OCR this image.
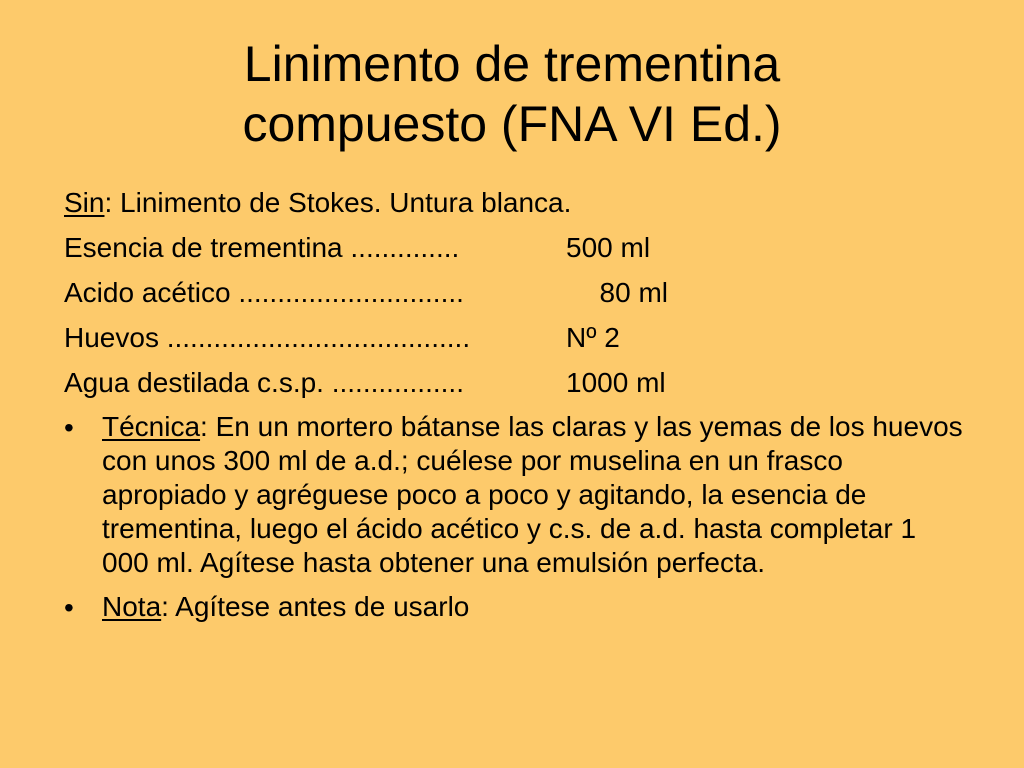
Linimento de trementina
compuesto (FNA VI Ed.)
Sin: Linimento de Stokes. Untura blanca.
Esencia de trementina ..............	500 ml
Acido acético .............................	80 ml
Huevos .......................................	Nº 2
Agua destilada c.s.p. .................	1000 ml
• Técnica: En un mortero bátanse las claras y las yemas de los huevos con unos 300 ml de a.d.; cuélese por muselina en un frasco apropiado y agréguese poco a poco y agitando, la esencia de trementina, luego el ácido acético y c.s. de a.d. hasta completar 1 000 ml. Agítese hasta obtener una emulsión perfecta.
• Nota: Agítese antes de usarlo
